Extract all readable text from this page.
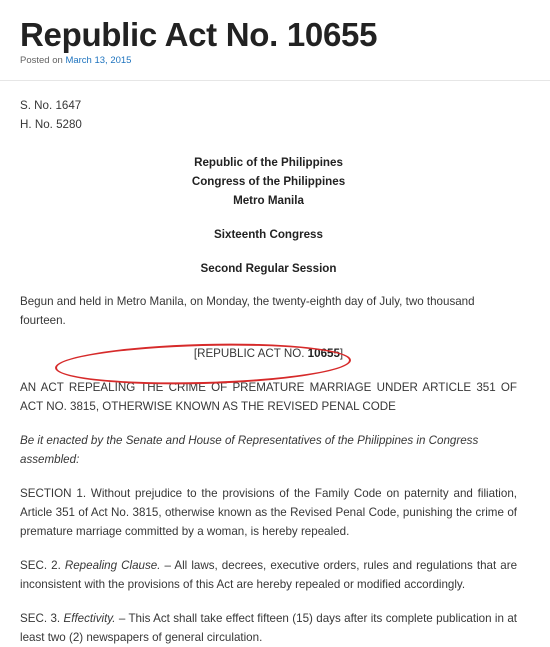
Republic Act No. 10655
Posted on March 13, 2015

S. No. 1647

H. No. 5280

Republic of the Philippines

Congress of the Philippines

Metro Manila

Sixteenth Congress

Second Regular Session

Begun and held in Metro Manila, on Monday, the twenty-eighth day of July, two thousand fourteen.

[REPUBLIC ACT NO. 10655]

AN ACT REPEALING THE CRIME OF PREMATURE MARRIAGE UNDER ARTICLE 351 OF ACT NO. 3815, OTHERWISE KNOWN AS THE REVISED PENAL CODE

Be it enacted by the Senate and House of Representatives of the Philippines in Congress assembled:

SECTION 1. Without prejudice to the provisions of the Family Code on paternity and filiation, Article 351 of Act No. 3815, otherwise known as the Revised Penal Code, punishing the crime of premature marriage committed by a woman, is hereby repealed.

SEC. 2. Repealing Clause. – All laws, decrees, executive orders, rules and regulations that are inconsistent with the provisions of this Act are hereby repealed or modified accordingly.

SEC. 3. Effectivity. – This Act shall take effect fifteen (15) days after its complete publication in at least two (2) newspapers of general circulation.
